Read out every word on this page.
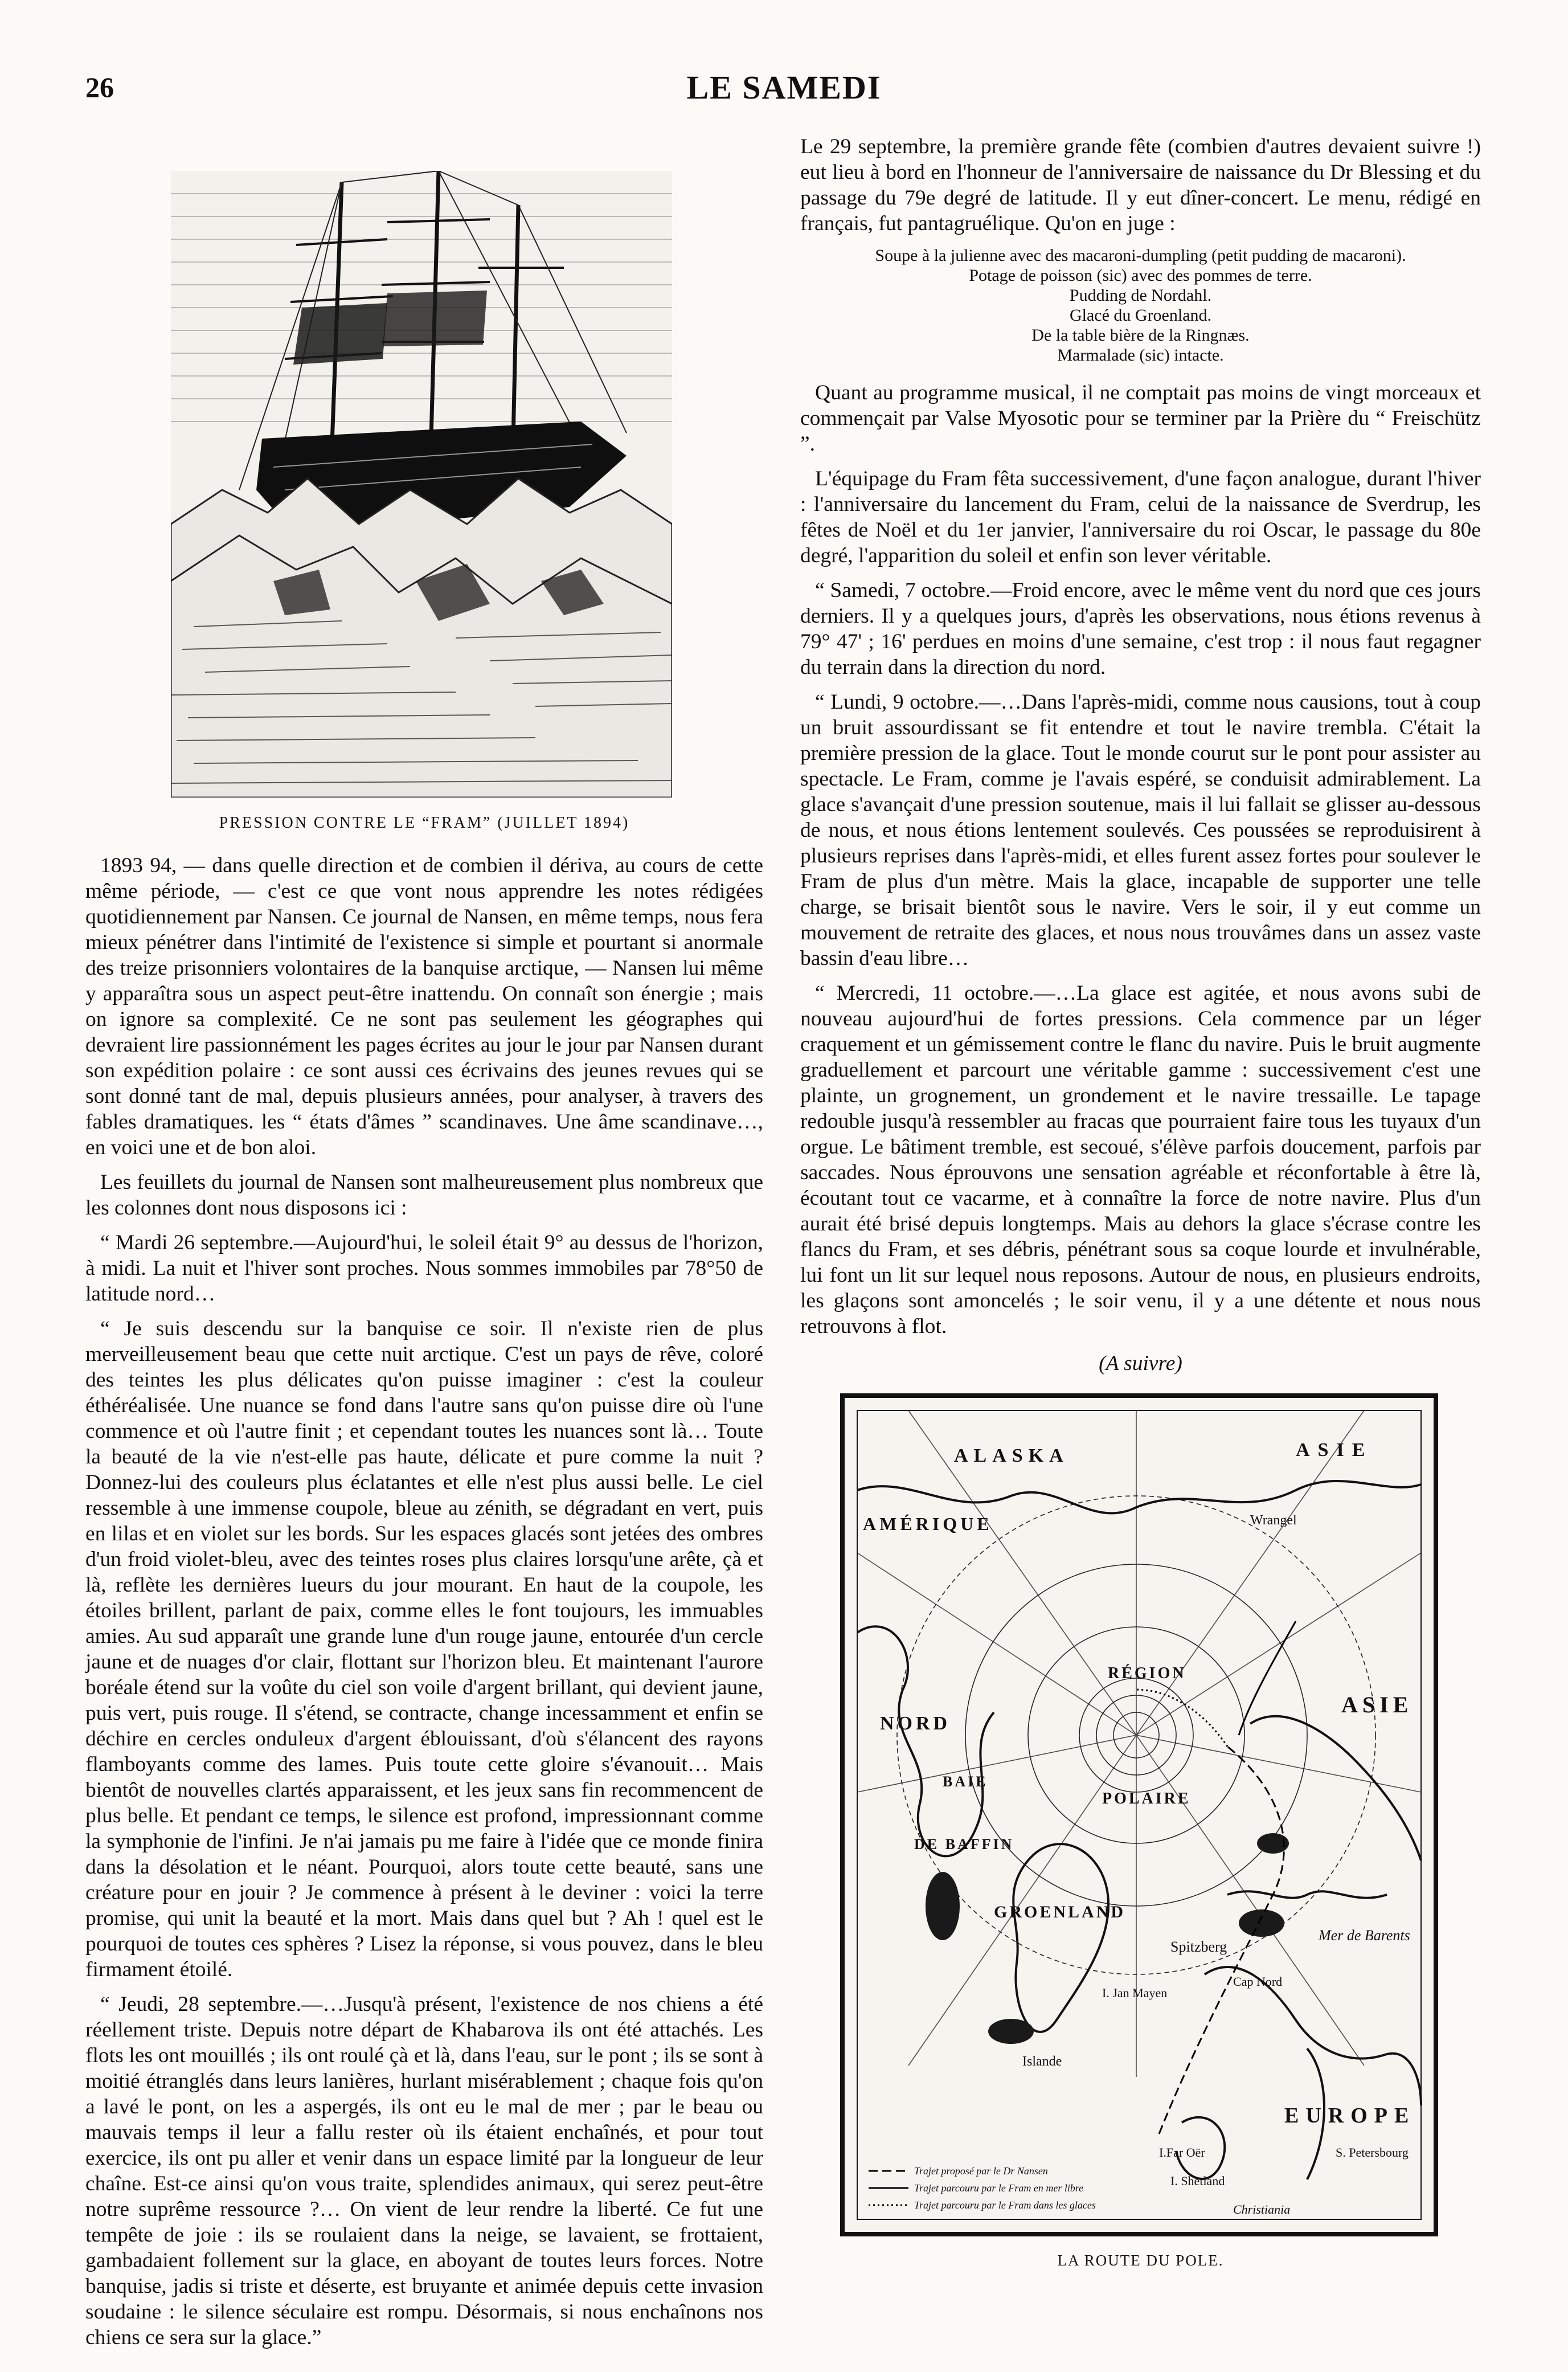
26	LE SAMEDI
PRESSION CONTRE LE “FRAM” (JUILLET 1894)

1893 94, — dans quelle direction et de combien il dériva, au cours de cette même période, — c'est ce que vont nous apprendre les notes rédigées quotidiennement par Nansen. Ce journal de Nansen, en même temps, nous fera mieux pénétrer dans l'intimité de l'existence si simple et pourtant si anormale des treize prisonniers volontaires de la banquise arctique, — Nansen lui même y apparaîtra sous un aspect peut-être inattendu. On connaît son énergie ; mais on ignore sa complexité. Ce ne sont pas seulement les géographes qui devraient lire passionnément les pages écrites au jour le jour par Nansen durant son expédition polaire : ce sont aussi ces écrivains des jeunes revues qui se sont donné tant de mal, depuis plusieurs années, pour analyser, à travers des fables dramatiques. les “ états d'âmes ” scandinaves. Une âme scandinave…, en voici une et de bon aloi.

Les feuillets du journal de Nansen sont malheureusement plus nombreux que les colonnes dont nous disposons ici :

“ Mardi 26 septembre.—Aujourd'hui, le soleil était 9° au dessus de l'horizon, à midi. La nuit et l'hiver sont proches. Nous sommes immobiles par 78°50 de latitude nord…

“ Je suis descendu sur la banquise ce soir. Il n'existe rien de plus merveilleusement beau que cette nuit arctique. C'est un pays de rêve, coloré des teintes les plus délicates qu'on puisse imaginer : c'est la couleur éthéréalisée. Une nuance se fond dans l'autre sans qu'on puisse dire où l'une commence et où l'autre finit ; et cependant toutes les nuances sont là… Toute la beauté de la vie n'est-elle pas haute, délicate et pure comme la nuit ? Donnez-lui des couleurs plus éclatantes et elle n'est plus aussi belle. Le ciel ressemble à une immense coupole, bleue au zénith, se dégradant en vert, puis en lilas et en violet sur les bords. Sur les espaces glacés sont jetées des ombres d'un froid violet-bleu, avec des teintes roses plus claires lorsqu'une arête, çà et là, reflète les dernières lueurs du jour mourant. En haut de la coupole, les étoiles brillent, parlant de paix, comme elles le font toujours, les immuables amies. Au sud apparaît une grande lune d'un rouge jaune, entourée d'un cercle jaune et de nuages d'or clair, flottant sur l'horizon bleu. Et maintenant l'aurore boréale étend sur la voûte du ciel son voile d'argent brillant, qui devient jaune, puis vert, puis rouge. Il s'étend, se contracte, change incessamment et enfin se déchire en cercles onduleux d'argent éblouissant, d'où s'élancent des rayons flamboyants comme des lames. Puis toute cette gloire s'évanouit… Mais bientôt de nouvelles clartés apparaissent, et les jeux sans fin recommencent de plus belle. Et pendant ce temps, le silence est profond, impressionnant comme la symphonie de l'infini. Je n'ai jamais pu me faire à l'idée que ce monde finira dans la désolation et le néant. Pourquoi, alors toute cette beauté, sans une créature pour en jouir ? Je commence à présent à le deviner : voici la terre promise, qui unit la beauté et la mort. Mais dans quel but ? Ah ! quel est le pourquoi de toutes ces sphères ? Lisez la réponse, si vous pouvez, dans le bleu firmament étoilé.

“ Jeudi, 28 septembre.—…Jusqu'à présent, l'existence de nos chiens a été réellement triste. Depuis notre départ de Khabarova ils ont été attachés. Les flots les ont mouillés ; ils ont roulé çà et là, dans l'eau, sur le pont ; ils se sont à moitié étranglés dans leurs lanières, hurlant misérablement ; chaque fois qu'on a lavé le pont, on les a aspergés, ils ont eu le mal de mer ; par le beau ou mauvais temps il leur a fallu rester où ils étaient enchaînés, et pour tout exercice, ils ont pu aller et venir dans un espace limité par la longueur de leur chaîne. Est-ce ainsi qu'on vous traite, splendides animaux, qui serez peut-être notre suprême ressource ?… On vient de leur rendre la liberté. Ce fut une tempête de joie : ils se roulaient dans la neige, se lavaient, se frottaient, gambadaient follement sur la glace, en aboyant de toutes leurs forces. Notre banquise, jadis si triste et déserte, est bruyante et animée depuis cette invasion soudaine : le silence séculaire est rompu. Désormais, si nous enchaînons nos chiens ce sera sur la glace.”

Le 29 septembre, la première grande fête (combien d'autres devaient suivre !) eut lieu à bord en l'honneur de l'anniversaire de naissance du Dr Blessing et du passage du 79e degré de latitude. Il y eut dîner-concert. Le menu, rédigé en français, fut pantagruélique. Qu'on en juge :

Soupe à la julienne avec des macaroni-dumpling (petit pudding de macaroni).
Potage de poisson (sic) avec des pommes de terre.
Pudding de Nordahl.
Glacé du Groenland.
De la table bière de la Ringnæs.
Marmalade (sic) intacte.

Quant au programme musical, il ne comptait pas moins de vingt morceaux et commençait par Valse Myosotic pour se terminer par la Prière du “ Freischütz ”.

L'équipage du Fram fêta successivement, d'une façon analogue, durant l'hiver : l'anniversaire du lancement du Fram, celui de la naissance de Sverdrup, les fêtes de Noël et du 1er janvier, l'anniversaire du roi Oscar, le passage du 80e degré, l'apparition du soleil et enfin son lever véritable.

“ Samedi, 7 octobre.—Froid encore, avec le même vent du nord que ces jours derniers. Il y a quelques jours, d'après les observations, nous étions revenus à 79° 47' ; 16' perdues en moins d'une semaine, c'est trop : il nous faut regagner du terrain dans la direction du nord.

“ Lundi, 9 octobre.—…Dans l'après-midi, comme nous causions, tout à coup un bruit assourdissant se fit entendre et tout le navire trembla. C'était la première pression de la glace. Tout le monde courut sur le pont pour assister au spectacle. Le Fram, comme je l'avais espéré, se conduisit admirablement. La glace s'avançait d'une pression soutenue, mais il lui fallait se glisser au-dessous de nous, et nous étions lentement soulevés. Ces poussées se reproduisirent à plusieurs reprises dans l'après-midi, et elles furent assez fortes pour soulever le Fram de plus d'un mètre. Mais la glace, incapable de supporter une telle charge, se brisait bientôt sous le navire. Vers le soir, il y eut comme un mouvement de retraite des glaces, et nous nous trouvâmes dans un assez vaste bassin d'eau libre…

“ Mercredi, 11 octobre.—…La glace est agitée, et nous avons subi de nouveau aujourd'hui de fortes pressions. Cela commence par un léger craquement et un gémissement contre le flanc du navire. Puis le bruit augmente graduellement et parcourt une véritable gamme : successivement c'est une plainte, un grognement, un grondement et le navire tressaille. Le tapage redouble jusqu'à ressembler au fracas que pourraient faire tous les tuyaux d'un orgue. Le bâtiment tremble, est secoué, s'élève parfois doucement, parfois par saccades. Nous éprouvons une sensation agréable et réconfortable à être là, écoutant tout ce vacarme, et à connaître la force de notre navire. Plus d'un aurait été brisé depuis longtemps. Mais au dehors la glace s'écrase contre les flancs du Fram, et ses débris, pénétrant sous sa coque lourde et invulnérable, lui font un lit sur lequel nous reposons. Autour de nous, en plusieurs endroits, les glaçons sont amoncelés ; le soir venu, il y a une détente et nous nous retrouvons à flot.

(A suivre)
ALASKA	ASIE
AMÉRIQUE
ASIE
NORD
RÉGION
POLAIRE
BAIE
DE BAFFIN
GROENLAND
EUROPE
Spitzberg
Mer de Barents
Islande
Wrangel
S. Petersbourg
I. Shetland
Christiania
I.Far Oër
I. Jan Mayen
Cap Nord
Trajet proposé par le Dr Nansen
Trajet parcouru par le Fram en mer libre
Trajet parcouru par le Fram dans les glaces
LA ROUTE DU POLE.
